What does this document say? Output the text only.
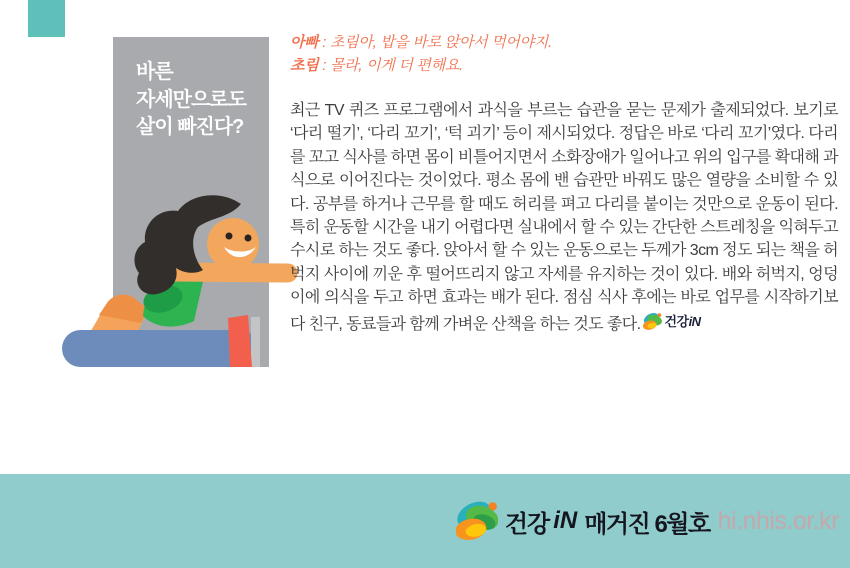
바른
자세만으로도
살이 빠진다?
아빠 : 초림아, 밥을 바로 앉아서 먹어야지.
초림 : 몰라, 이게 더 편해요.
최근 TV 퀴즈 프로그램에서 과식을 부르는 습관을 묻는 문제가 출제되었다. 보기로 ‘다리 떨기’, ‘다리 꼬기’, ‘턱 괴기’ 등이 제시되었다. 정답은 바로 ‘다리 꼬기’였다. 다리를 꼬고 식사를 하면 몸이 비틀어지면서 소화장애가 일어나고 위의 입구를 확대해 과식으로 이어진다는 것이었다. 평소 몸에 밴 습관만 바꿔도 많은 열량을 소비할 수 있다. 공부를 하거나 근무를 할 때도 허리를 펴고 다리를 붙이는 것만으로 운동이 된다. 특히 운동할 시간을 내기 어렵다면 실내에서 할 수 있는 간단한 스트레칭을 익혀두고 수시로 하는 것도 좋다. 앉아서 할 수 있는 운동으로는 두께가 3cm 정도 되는 책을 허벅지 사이에 끼운 후 떨어뜨리지 않고 자세를 유지하는 것이 있다. 배와 허벅지, 엉덩이에 의식을 두고 하면 효과는 배가 된다. 점심 식사 후에는 바로 업무를 시작하기보다 친구, 동료들과 함께 가벼운 산책을 하는 것도 좋다. 건강 iN
건강 iN 매거진 6월호 hi.nhis.or.kr
